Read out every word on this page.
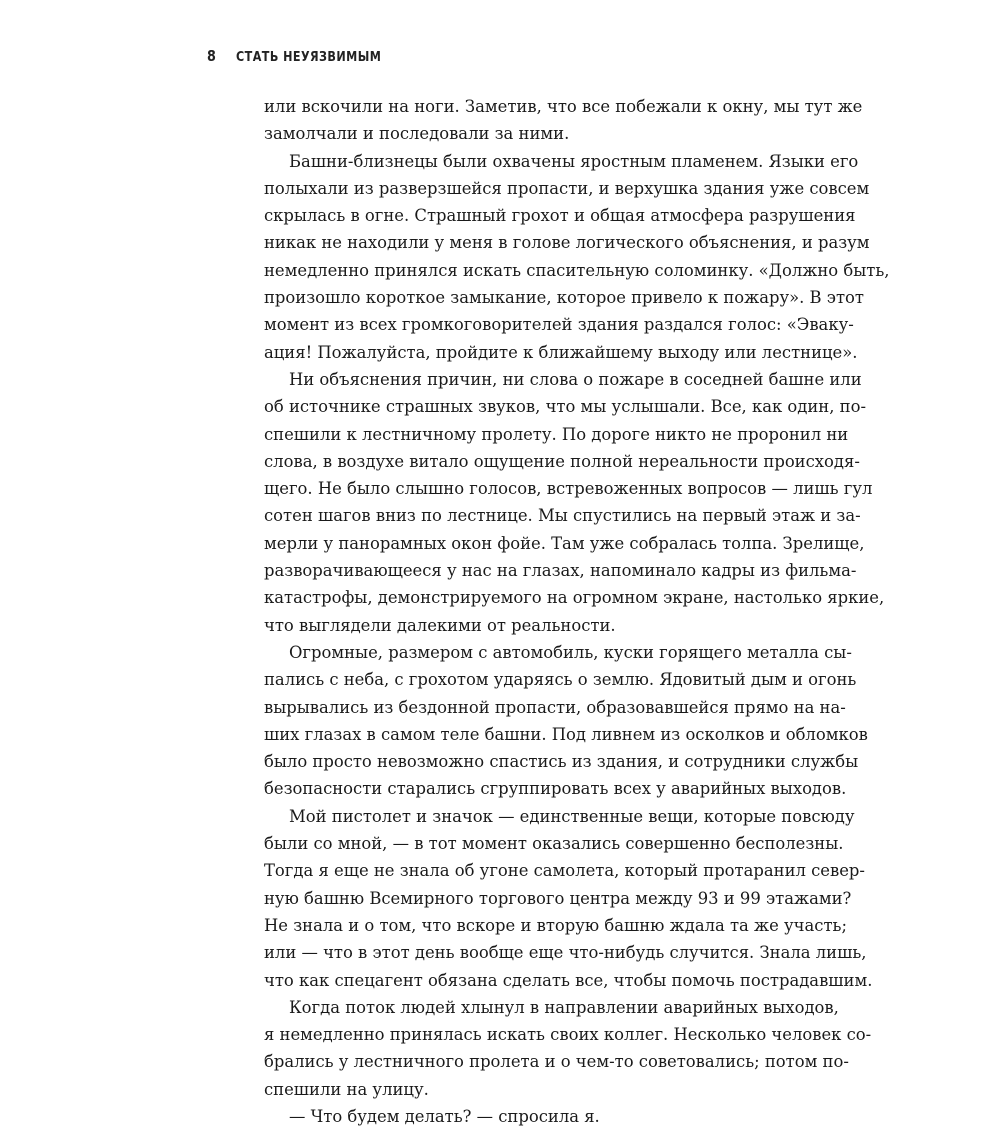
8 СТАТЬ НЕУЯЗВИМЫМ

или вскочили на ноги. Заметив, что все побежали к окну, мы тут же
замолчали и последовали за ними.

Башни-близнецы были охвачены яростным пламенем. Языки его
полыхали из разверзшейся пропасти, и верхушка здания уже совсем
скрылась в огне. Страшный грохот и общая атмосфера разрушения
никак не находили у меня в голове логического объяснения, и разум
немедленно принялся искать спасительную соломинку. «Должно быть,
произошло короткое замыкание, которое привело к пожару». В этот
момент из всех громкоговорителей здания раздался голос: «Эваку-
ация! Пожалуйста, пройдите к ближайшему выходу или лестнице».

Ни объяснения причин, ни слова о пожаре в соседней башне или
об источнике страшных звуков, что мы услышали. Все, как один, по-
спешили к лестничному пролету. По дороге никто не проронил ни
слова, в воздухе витало ощущение полной нереальности происходя-
щего. Не было слышно голосов, встревоженных вопросов — лишь гул
сотен шагов вниз по лестнице. Мы спустились на первый этаж и за-
мерли у панорамных окон фойе. Там уже собралась толпа. Зрелище,
разворачивающееся у нас на глазах, напоминало кадры из фильма-
катастрофы, демонстрируемого на огромном экране, настолько яркие,
что выглядели далекими от реальности.

Огромные, размером с автомобиль, куски горящего металла сы-
пались с неба, с грохотом ударяясь о землю. Ядовитый дым и огонь
вырывались из бездонной пропасти, образовавшейся прямо на на-
ших глазах в самом теле башни. Под ливнем из осколков и обломков
было просто невозможно спастись из здания, и сотрудники службы
безопасности старались сгруппировать всех у аварийных выходов.

Мой пистолет и значок — единственные вещи, которые повсюду
были со мной, — в тот момент оказались совершенно бесполезны.
Тогда я еще не знала об угоне самолета, который протаранил север-
ную башню Всемирного торгового центра между 93 и 99 этажами?
Не знала и о том, что вскоре и вторую башню ждала та же участь;
или — что в этот день вообще еще что-нибудь случится. Знала лишь,
что как спецагент обязана сделать все, чтобы помочь пострадавшим.

Когда поток людей хлынул в направлении аварийных выходов,
я немедленно принялась искать своих коллег. Несколько человек со-
брались у лестничного пролета и о чем-то советовались; потом по-
спешили на улицу.

— Что будем делать? — спросила я.
